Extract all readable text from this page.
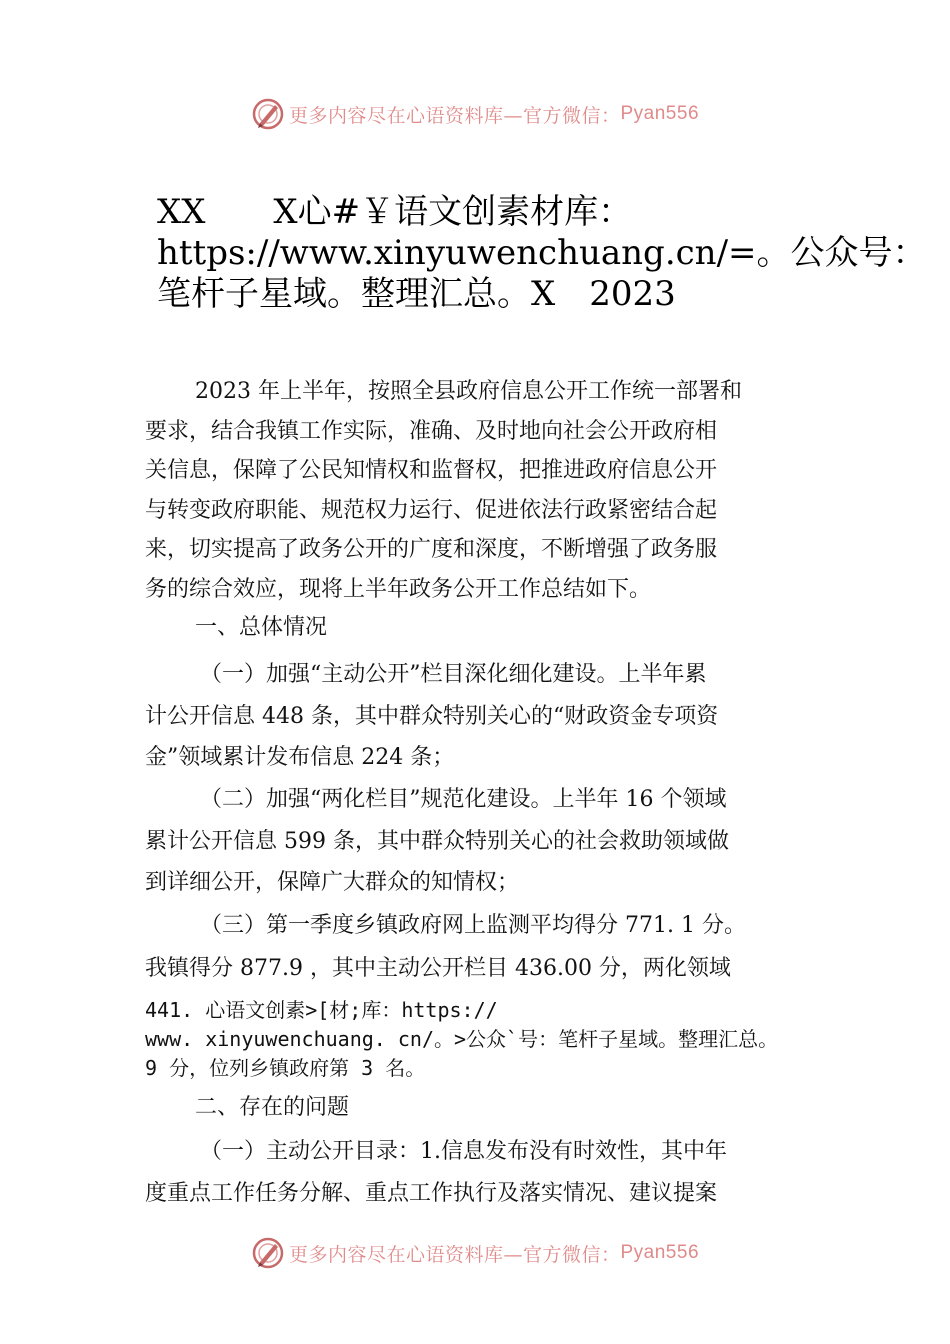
更多内容尽在心语资料库—官方微信： Pyan556
XX　　X心#￥语文创素材库：
https://www.xinyuwenchuang.cn/=。公众号：
笔杆子星域。整理汇总。X　2023
2023 年上半年，按照全县政府信息公开工作统一部署和
要求，结合我镇工作实际，准确、及时地向社会公开政府相
关信息，保障了公民知情权和监督权，把推进政府信息公开
与转变政府职能、规范权力运行、促进依法行政紧密结合起
来，切实提高了政务公开的广度和深度，不断增强了政务服
务的综合效应，现将上半年政务公开工作总结如下。
一、总体情况
（一）加强“主动公开”栏目深化细化建设。上半年累
计公开信息 448 条，其中群众特别关心的“财政资金专项资
金”领域累计发布信息 224 条；
（二）加强“两化栏目”规范化建设。上半年 16 个领域
累计公开信息 599 条，其中群众特别关心的社会救助领域做
到详细公开，保障广大群众的知情权；
（三）第一季度乡镇政府网上监测平均得分 771. 1 分。
我镇得分 877.9 ，其中主动公开栏目 436.00 分，两化领域
441. 心语文创素>[材;库：https://
www. xinyuwenchuang. cn/。>公众`号：笔杆子星域。整理汇总。
9 分，位列乡镇政府第 3 名。
二、存在的问题
（一）主动公开目录：1.信息发布没有时效性，其中年
度重点工作任务分解、重点工作执行及落实情况、建议提案
更多内容尽在心语资料库—官方微信： Pyan556
